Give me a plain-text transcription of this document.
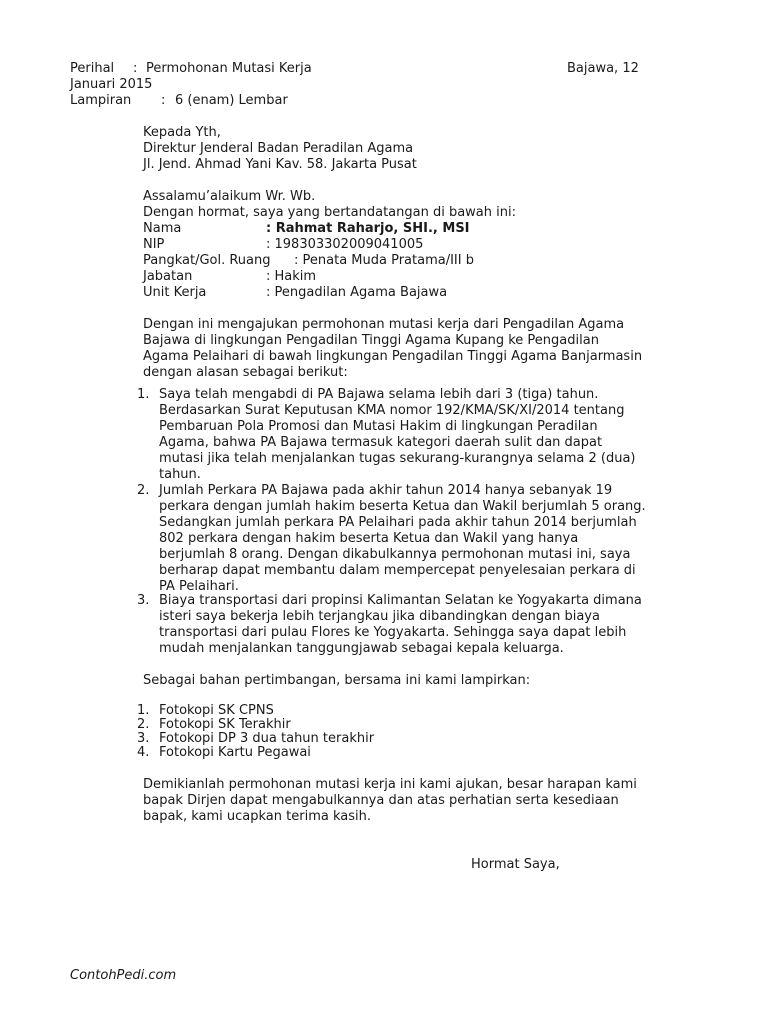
Perihal : Permohonan Mutasi Kerja	Bajawa, 12
Januari 2015
Lampiran : 6 (enam) Lembar
Kepada Yth,
Direktur Jenderal Badan Peradilan Agama
Jl. Jend. Ahmad Yani Kav. 58. Jakarta Pusat
Assalamu’alaikum Wr. Wb.
Dengan hormat, saya yang bertandatangan di bawah ini:
Nama	: Rahmat Raharjo, SHI., MSI
NIP	: 198303302009041005
Pangkat/Gol. Ruang : Penata Muda Pratama/III b
Jabatan	: Hakim
Unit Kerja	: Pengadilan Agama Bajawa
Dengan ini mengajukan permohonan mutasi kerja dari Pengadilan Agama
Bajawa di lingkungan Pengadilan Tinggi Agama Kupang ke Pengadilan
Agama Pelaihari di bawah lingkungan Pengadilan Tinggi Agama Banjarmasin
dengan alasan sebagai berikut:
1. Saya telah mengabdi di PA Bajawa selama lebih dari 3 (tiga) tahun.
Berdasarkan Surat Keputusan KMA nomor 192/KMA/SK/XI/2014 tentang
Pembaruan Pola Promosi dan Mutasi Hakim di lingkungan Peradilan
Agama, bahwa PA Bajawa termasuk kategori daerah sulit dan dapat
mutasi jika telah menjalankan tugas sekurang-kurangnya selama 2 (dua)
tahun.
2. Jumlah Perkara PA Bajawa pada akhir tahun 2014 hanya sebanyak 19
perkara dengan jumlah hakim beserta Ketua dan Wakil berjumlah 5 orang.
Sedangkan jumlah perkara PA Pelaihari pada akhir tahun 2014 berjumlah
802 perkara dengan hakim beserta Ketua dan Wakil yang hanya
berjumlah 8 orang. Dengan dikabulkannya permohonan mutasi ini, saya
berharap dapat membantu dalam mempercepat penyelesaian perkara di
PA Pelaihari.
3. Biaya transportasi dari propinsi Kalimantan Selatan ke Yogyakarta dimana
isteri saya bekerja lebih terjangkau jika dibandingkan dengan biaya
transportasi dari pulau Flores ke Yogyakarta. Sehingga saya dapat lebih
mudah menjalankan tanggungjawab sebagai kepala keluarga.
Sebagai bahan pertimbangan, bersama ini kami lampirkan:
1. Fotokopi SK CPNS
2. Fotokopi SK Terakhir
3. Fotokopi DP 3 dua tahun terakhir
4. Fotokopi Kartu Pegawai
Demikianlah permohonan mutasi kerja ini kami ajukan, besar harapan kami
bapak Dirjen dapat mengabulkannya dan atas perhatian serta kesediaan
bapak, kami ucapkan terima kasih.
Hormat Saya,
ContohPedi.com
